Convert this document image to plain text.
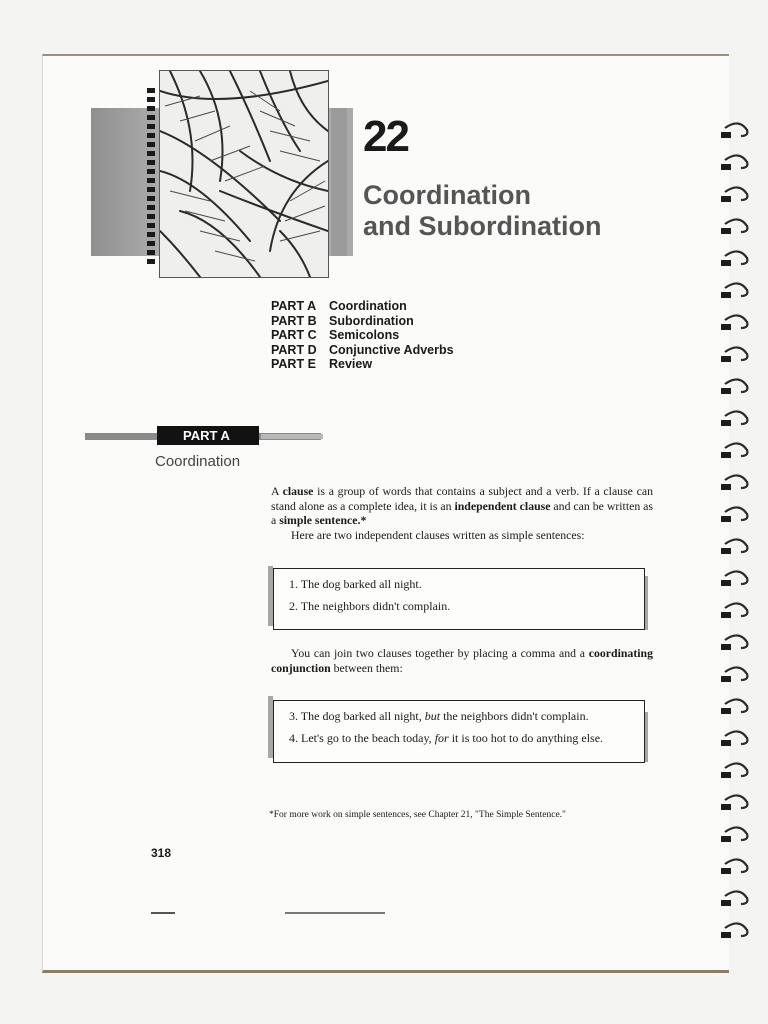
22
Coordination
and Subordination
PART A	Coordination
PART B Subordination
PART C Semicolons
PART D Conjunctive Adverbs
PART E	Review
PART A
Coordination
A clause is a group of words that contains a subject and a verb. If a clause can stand alone as a complete idea, it is an independent clause and can be written as a simple sentence.*
Here are two independent clauses written as simple sentences:
1. The dog barked all night.
2. The neighbors didn't complain.
You can join two clauses together by placing a comma and a coordinating conjunction between them:
3. The dog barked all night, but the neighbors didn't complain.
4. Let's go to the beach today, for it is too hot to do anything else.
*For more work on simple sentences, see Chapter 21, "The Simple Sentence."
318
